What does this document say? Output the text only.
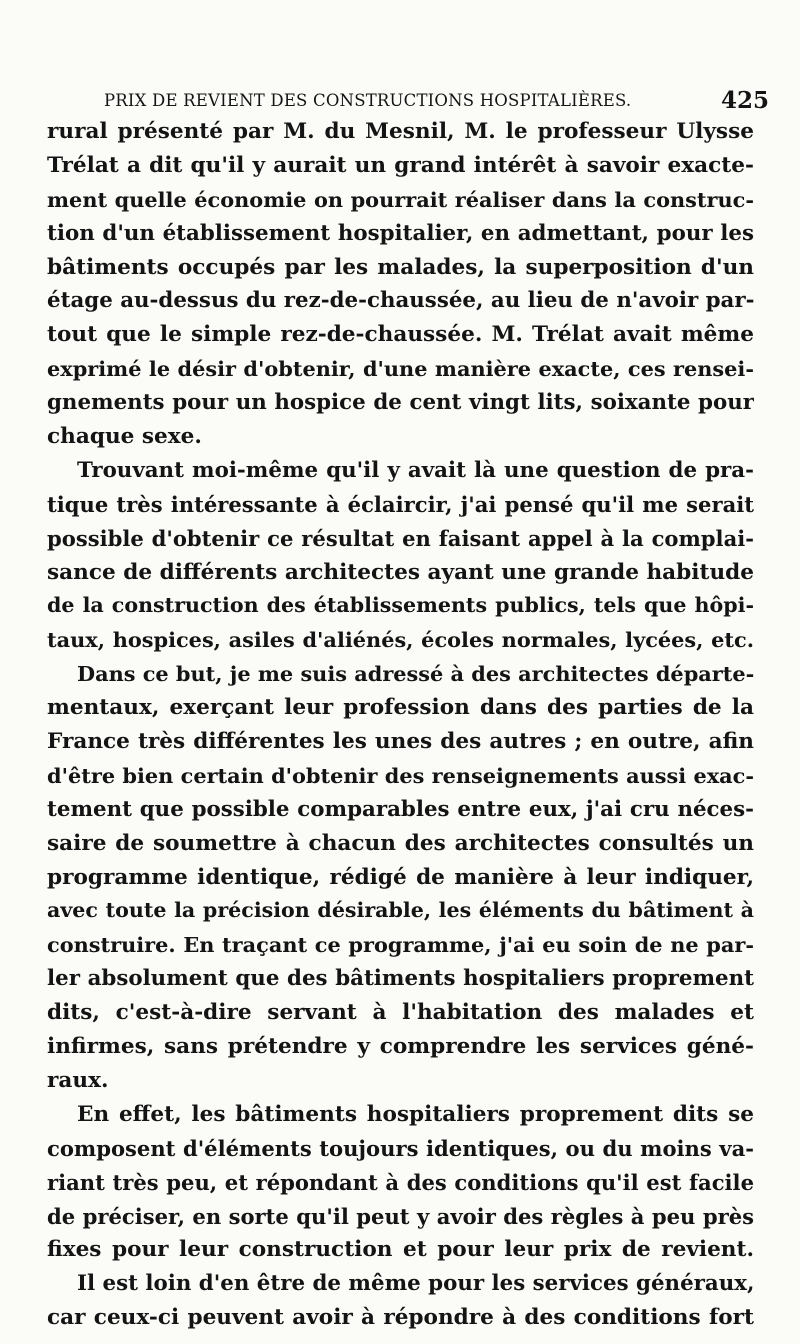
PRIX DE REVIENT DES CONSTRUCTIONS HOSPITALIÈRES.	425
rural présenté par M. du Mesnil, M. le professeur Ulysse
Trélat a dit qu'il y aurait un grand intérêt à savoir exacte-
ment quelle économie on pourrait réaliser dans la construc-
tion d'un établissement hospitalier, en admettant, pour les
bâtiments occupés par les malades, la superposition d'un
étage au-dessus du rez-de-chaussée, au lieu de n'avoir par-
tout que le simple rez-de-chaussée. M. Trélat avait même
exprimé le désir d'obtenir, d'une manière exacte, ces rensei-
gnements pour un hospice de cent vingt lits, soixante pour
chaque sexe.
Trouvant moi-même qu'il y avait là une question de pra-
tique très intéressante à éclaircir, j'ai pensé qu'il me serait
possible d'obtenir ce résultat en faisant appel à la complai-
sance de différents architectes ayant une grande habitude
de la construction des établissements publics, tels que hôpi-
taux, hospices, asiles d'aliénés, écoles normales, lycées, etc.
Dans ce but, je me suis adressé à des architectes départe-
mentaux, exerçant leur profession dans des parties de la
France très différentes les unes des autres ; en outre, afin
d'être bien certain d'obtenir des renseignements aussi exac-
tement que possible comparables entre eux, j'ai cru néces-
saire de soumettre à chacun des architectes consultés un
programme identique, rédigé de manière à leur indiquer,
avec toute la précision désirable, les éléments du bâtiment à
construire. En traçant ce programme, j'ai eu soin de ne par-
ler absolument que des bâtiments hospitaliers proprement
dits, c'est-à-dire servant à l'habitation des malades et
infirmes, sans prétendre y comprendre les services géné-
raux.
En effet, les bâtiments hospitaliers proprement dits se
composent d'éléments toujours identiques, ou du moins va-
riant très peu, et répondant à des conditions qu'il est facile
de préciser, en sorte qu'il peut y avoir des règles à peu près
fixes pour leur construction et pour leur prix de revient.
Il est loin d'en être de même pour les services généraux,
car ceux-ci peuvent avoir à répondre à des conditions fort
